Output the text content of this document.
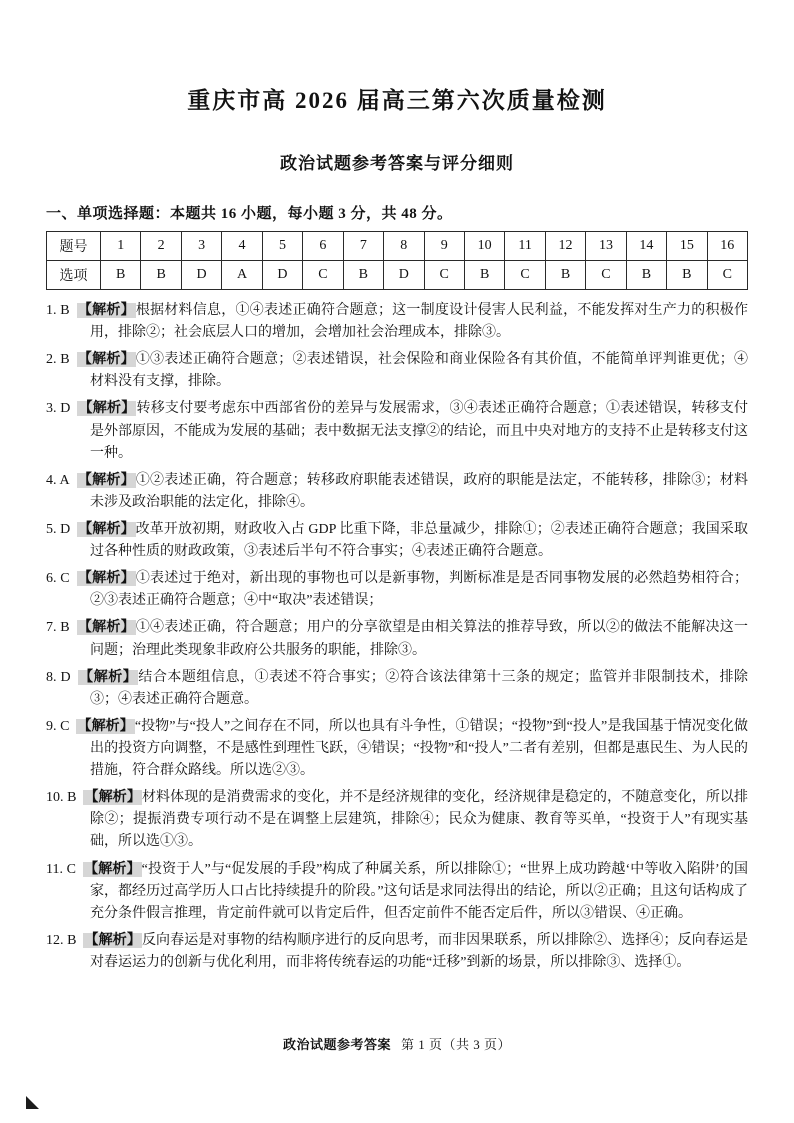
重庆市高 2026 届高三第六次质量检测
政治试题参考答案与评分细则
一、单项选择题：本题共 16 小题，每小题 3 分，共 48 分。
题号	1	2	3	4	5	6	7	8	9	10	11	12	13	14	15	16
选项	B	B	D	A	D	C	B	D	C	B	C	B	C	B	B	C
1. B 【解析】根据材料信息，①④表述正确符合题意；这一制度设计侵害人民利益，不能发挥对生产力的积极作用，排除②；社会底层人口的增加，会增加社会治理成本，排除③。
2. B 【解析】①③表述正确符合题意；②表述错误，社会保险和商业保险各有其价值，不能简单评判谁更优；④材料没有支撑，排除。
3. D 【解析】转移支付要考虑东中西部省份的差异与发展需求，③④表述正确符合题意；①表述错误，转移支付是外部原因，不能成为发展的基础；表中数据无法支撑②的结论，而且中央对地方的支持不止是转移支付这一种。
4. A 【解析】①②表述正确，符合题意；转移政府职能表述错误，政府的职能是法定，不能转移，排除③；材料未涉及政治职能的法定化，排除④。
5. D 【解析】改革开放初期，财政收入占 GDP 比重下降，非总量减少，排除①；②表述正确符合题意；我国采取过各种性质的财政政策，③表述后半句不符合事实；④表述正确符合题意。
6. C 【解析】①表述过于绝对，新出现的事物也可以是新事物，判断标准是是否同事物发展的必然趋势相符合；②③表述正确符合题意；④中“取决”表述错误；
7. B 【解析】①④表述正确，符合题意；用户的分享欲望是由相关算法的推荐导致，所以②的做法不能解决这一问题；治理此类现象非政府公共服务的职能，排除③。
8. D 【解析】结合本题组信息，①表述不符合事实；②符合该法律第十三条的规定；监管并非限制技术，排除③；④表述正确符合题意。
9. C 【解析】“投物”与“投人”之间存在不同，所以也具有斗争性，①错误；“投物”到“投人”是我国基于情况变化做出的投资方向调整，不是感性到理性飞跃，④错误；“投物”和“投人”二者有差别，但都是惠民生、为人民的措施，符合群众路线。所以选②③。
10. B 【解析】材料体现的是消费需求的变化，并不是经济规律的变化，经济规律是稳定的，不随意变化，所以排除②；提振消费专项行动不是在调整上层建筑，排除④；民众为健康、教育等买单，“投资于人”有现实基础，所以选①③。
11. C 【解析】“投资于人”与“促发展的手段”构成了种属关系，所以排除①；“世界上成功跨越‘中等收入陷阱’的国家，都经历过高学历人口占比持续提升的阶段。”这句话是求同法得出的结论，所以②正确；且这句话构成了充分条件假言推理，肯定前件就可以肯定后件，但否定前件不能否定后件，所以③错误、④正确。
12. B 【解析】反向春运是对事物的结构顺序进行的反向思考，而非因果联系，所以排除②、选择④；反向春运是对春运运力的创新与优化利用，而非将传统春运的功能“迁移”到新的场景，所以排除③、选择①。
政治试题参考答案 第 1 页（共 3 页）
